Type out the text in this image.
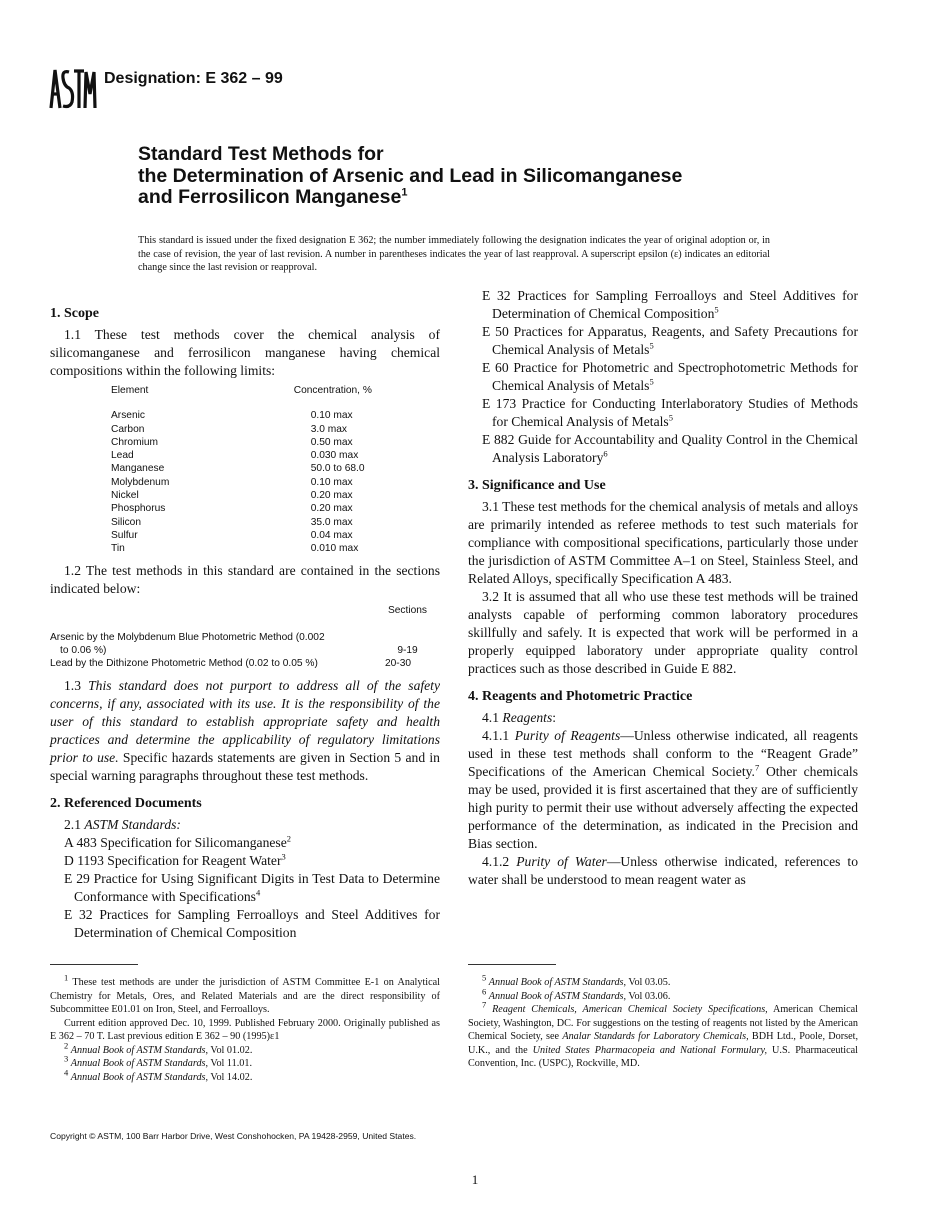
ASTM
Designation: E 362 – 99
Standard Test Methods for
the Determination of Arsenic and Lead in Silicomanganese
and Ferrosilicon Manganese$^1$
This standard is issued under the fixed designation E 362; the number immediately following the designation indicates the year of original adoption or, in the case of revision, the year of last revision. A number in parentheses indicates the year of last reapproval. A superscript epsilon (ε) indicates an editorial change since the last revision or reapproval.
1. Scope

1.1 These test methods cover the chemical analysis of silicomanganese and ferrosilicon manganese having chemical compositions within the following limits:

Element	Concentration, %
Arsenic	0.10 max
Carbon	3.0 max
Chromium	0.50 max
Lead	0.030 max
Manganese	50.0 to 68.0
Molybdenum	0.10 max
Nickel	0.20 max
Phosphorus	0.20 max
Silicon	35.0 max
Sulfur	0.04 max
Tin	0.010 max

1.2 The test methods in this standard are contained in the sections indicated below:

Sections
Arsenic by the Molybdenum Blue Photometric Method (0.002
to 0.06 %)	9-19
Lead by the Dithizone Photometric Method (0.02 to 0.05 %)	20-30

1.3 This standard does not purport to address all of the safety concerns, if any, associated with its use. It is the responsibility of the user of this standard to establish appropriate safety and health practices and determine the applicability of regulatory limitations prior to use. Specific hazards statements are given in Section 5 and in special warning paragraphs throughout these test methods.

2. Referenced Documents

2.1 ASTM Standards:

A 483 Specification for Silicomanganese$^2$
D 1193 Specification for Reagent Water$^3$
E 29 Practice for Using Significant Digits in Test Data to Determine Conformance with Specifications$^4$
E 32 Practices for Sampling Ferroalloys and Steel Additives for Determination of Chemical Composition
E 32 Practices for Sampling Ferroalloys and Steel Additives for Determination of Chemical Composition$^5$
E 50 Practices for Apparatus, Reagents, and Safety Precautions for Chemical Analysis of Metals$^5$
E 60 Practice for Photometric and Spectrophotometric Methods for Chemical Analysis of Metals$^5$
E 173 Practice for Conducting Interlaboratory Studies of Methods for Chemical Analysis of Metals$^5$
E 882 Guide for Accountability and Quality Control in the Chemical Analysis Laboratory$^6$
3. Significance and Use

3.1 These test methods for the chemical analysis of metals and alloys are primarily intended as referee methods to test such materials for compliance with compositional specifications, particularly those under the jurisdiction of ASTM Committee A–1 on Steel, Stainless Steel, and Related Alloys, specifically Specification A 483.

3.2 It is assumed that all who use these test methods will be trained analysts capable of performing common laboratory procedures skillfully and safely. It is expected that work will be performed in a properly equipped laboratory under appropriate quality control practices such as those described in Guide E 882.

4. Reagents and Photometric Practice

4.1 Reagents:

4.1.1 Purity of Reagents—Unless otherwise indicated, all reagents used in these test methods shall conform to the “Reagent Grade” Specifications of the American Chemical Society.$^7$ Other chemicals may be used, provided it is first ascertained that they are of sufficiently high purity to permit their use without adversely affecting the expected performance of the determination, as indicated in the Precision and Bias section.

4.1.2 Purity of Water—Unless otherwise indicated, references to water shall be understood to mean reagent water as

$^1$ These test methods are under the jurisdiction of ASTM Committee E-1 on Analytical Chemistry for Metals, Ores, and Related Materials and are the direct responsibility of Subcommittee E01.01 on Iron, Steel, and Ferroalloys.
Current edition approved Dec. 10, 1999. Published February 2000. Originally published as E 362 – 70 T. Last previous edition E 362 – 90 (1995)ε1
$^2$ Annual Book of ASTM Standards, Vol 01.02.
$^3$ Annual Book of ASTM Standards, Vol 11.01.
$^4$ Annual Book of ASTM Standards, Vol 14.02.
$^5$ Annual Book of ASTM Standards, Vol 03.05.
$^6$ Annual Book of ASTM Standards, Vol 03.06.
$^7$ Reagent Chemicals, American Chemical Society Specifications, American Chemical Society, Washington, DC. For suggestions on the testing of reagents not listed by the American Chemical Society, see Analar Standards for Laboratory Chemicals, BDH Ltd., Poole, Dorset, U.K., and the United States Pharmacopeia and National Formulary, U.S. Pharmaceutical Convention, Inc. (USPC), Rockville, MD.
Copyright © ASTM, 100 Barr Harbor Drive, West Conshohocken, PA 19428-2959, United States.
1
